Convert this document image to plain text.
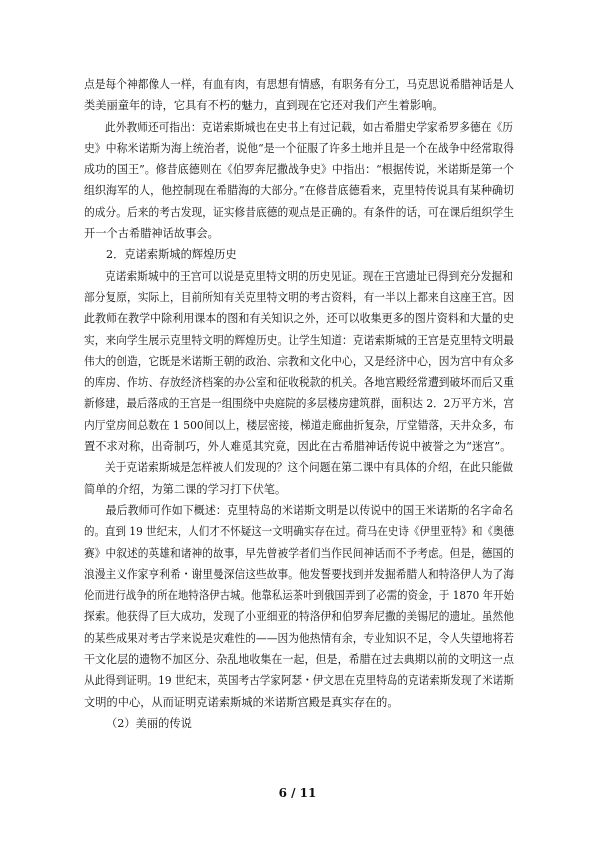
点是每个神都像人一样，有血有肉，有思想有情感，有职务有分工，马克思说希腊神话是人
类美丽童年的诗，它具有不朽的魅力，直到现在它还对我们产生着影响。
此外教师还可指出：克诺索斯城也在史书上有过记载，如古希腊史学家希罗多德在《历
史》中称米诺斯为海上统治者，说他“是一个征服了许多土地并且是一个在战争中经常取得
成功的国王”。修昔底德则在《伯罗奔尼撒战争史》中指出：“根据传说，米诺斯是第一个
组织海军的人，他控制现在希腊海的大部分。”在修昔底德看来，克里特传说具有某种确切
的成分。后来的考古发现，证实修昔底德的观点是正确的。有条件的话，可在课后组织学生
开一个古希腊神话故事会。
2．克诺索斯城的辉煌历史
克诺索斯城中的王宫可以说是克里特文明的历史见证。现在王宫遗址已得到充分发掘和
部分复原，实际上，目前所知有关克里特文明的考古资料，有一半以上都来自这座王宫。因
此教师在教学中除利用课本的图和有关知识之外，还可以收集更多的图片资料和大量的史
实，来向学生展示克里特文明的辉煌历史。让学生知道：克诺索斯城的王宫是克里特文明最
伟大的创造，它既是米诺斯王朝的政治、宗教和文化中心，又是经济中心，因为宫中有众多
的库房、作坊、存放经济档案的办公室和征收税款的机关。各地宫殿经常遭到破坏而后又重
新修建，最后落成的王宫是一组围绕中央庭院的多层楼房建筑群，面积达 2．2万平方米，宫
内厅堂房间总数在 1 500间以上，楼层密接，梯道走廊曲折复杂，厅堂错落，天井众多，布
置不求对称，出奇制巧，外人难觅其究竟，因此在古希腊神话传说中被誉之为“迷宫”。
关于克诺索斯城是怎样被人们发现的？这个问题在第二课中有具体的介绍，在此只能做
简单的介绍，为第二课的学习打下伏笔。
最后教师可作如下概述：克里特岛的米诺斯文明是以传说中的国王米诺斯的名字命名
的。直到 19 世纪末，人们才不怀疑这一文明确实存在过。荷马在史诗《伊里亚特》和《奥德
赛》中叙述的英雄和诸神的故事，早先曾被学者们当作民间神话而不予考虑。但是，德国的
浪漫主义作家亨利希・谢里曼深信这些故事。他发誓要找到并发掘希腊人和特洛伊人为了海
伦而进行战争的所在地特洛伊古城。他靠私运茶叶到俄国弄到了必需的资金，于 1870 年开始
探索。他获得了巨大成功，发现了小亚细亚的特洛伊和伯罗奔尼撒的美锡尼的遗址。虽然他
的某些成果对考古学来说是灾难性的——因为他热情有余，专业知识不足，令人失望地将若
干文化层的遗物不加区分、杂乱地收集在一起，但是，希腊在过去典期以前的文明这一点
从此得到证明。19 世纪末，英国考古学家阿瑟・伊文思在克里特岛的克诺索斯发现了米诺斯
文明的中心，从而证明克诺索斯城的米诺斯宫殿是真实存在的。
（2）美丽的传说
6 / 11
